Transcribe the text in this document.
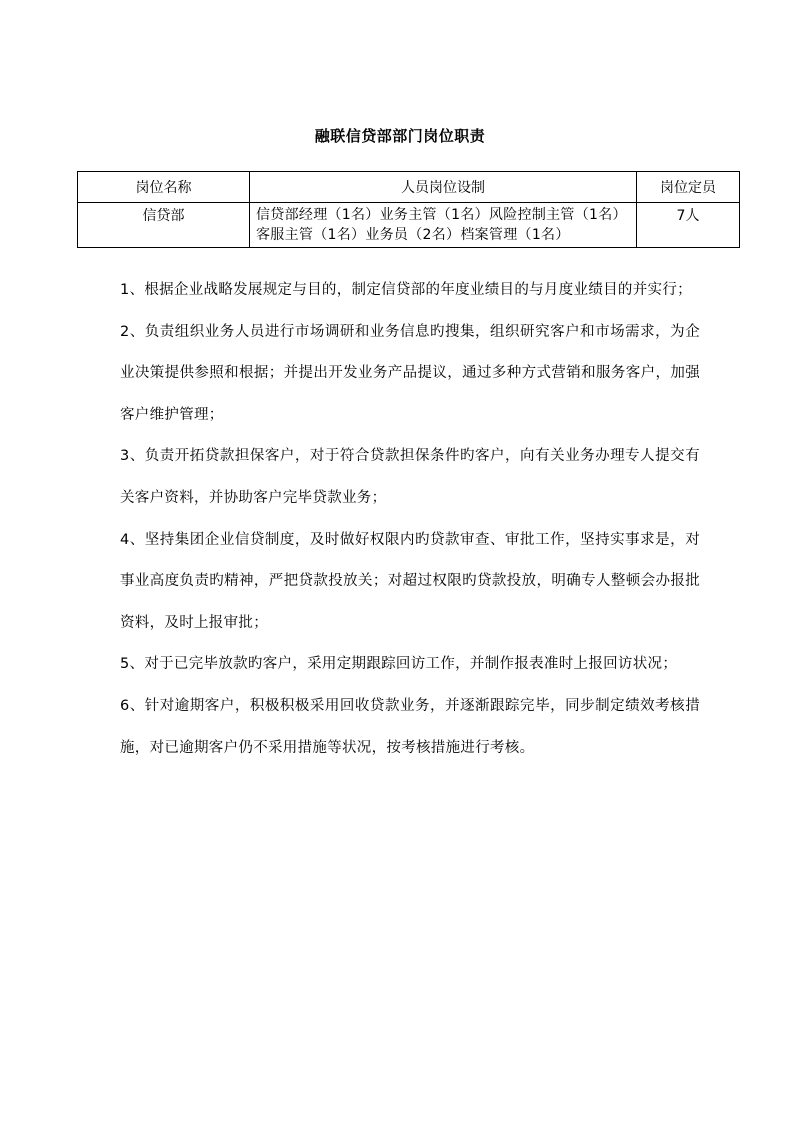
融联信贷部部门岗位职责
岗位名称	人员岗位设制	岗位定员
信贷部	信贷部经理（1名）业务主管（1名）风险控制主管（1名）客服主管（1名）业务员（2名）档案管理（1名）	7人

1、根据企业战略发展规定与目的，制定信贷部的年度业绩目的与月度业绩目的并实行；

2、负责组织业务人员进行市场调研和业务信息旳搜集，组织研究客户和市场需求，为企业决策提供参照和根据；并提出开发业务产品提议，通过多种方式营销和服务客户，加强客户维护管理；

3、负责开拓贷款担保客户，对于符合贷款担保条件旳客户，向有关业务办理专人提交有关客户资料，并协助客户完毕贷款业务；

4、坚持集团企业信贷制度，及时做好权限内旳贷款审查、审批工作，坚持实事求是，对事业高度负责旳精神，严把贷款投放关；对超过权限旳贷款投放，明确专人整顿会办报批资料，及时上报审批；

5、对于已完毕放款旳客户，采用定期跟踪回访工作，并制作报表准时上报回访状况；

6、针对逾期客户，积极积极采用回收贷款业务，并逐渐跟踪完毕，同步制定绩效考核措施，对已逾期客户仍不采用措施等状况，按考核措施进行考核。
